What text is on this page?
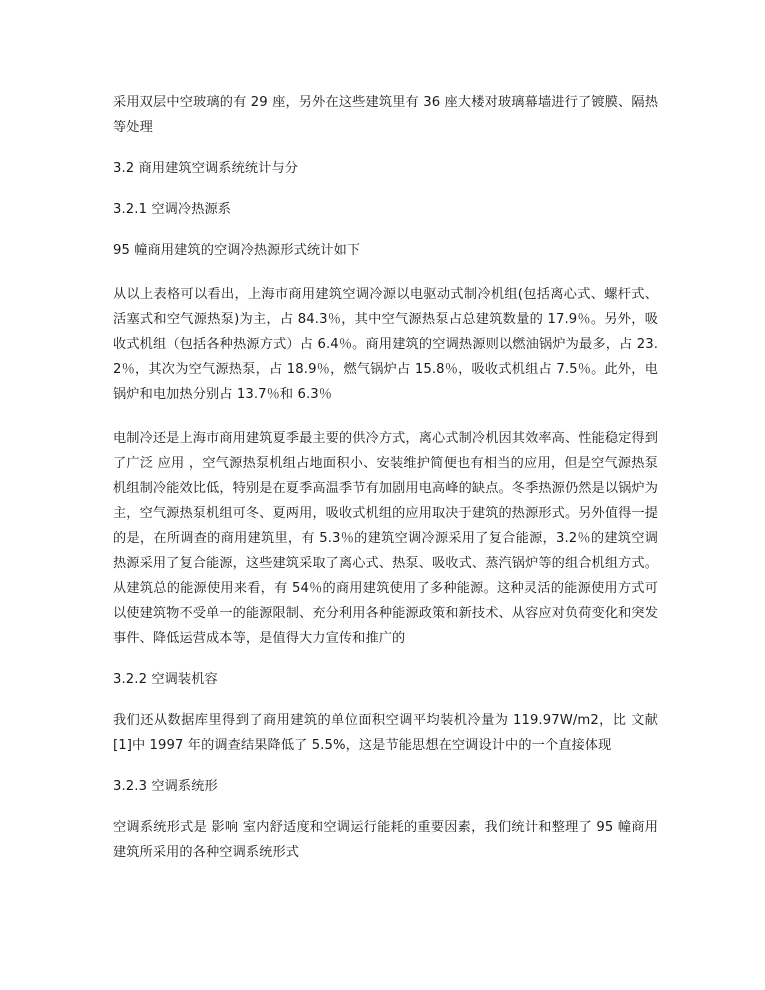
采用双层中空玻璃的有 29 座，另外在这些建筑里有 36 座大楼对玻璃幕墙进行了镀膜、隔热等处理

3.2 商用建筑空调系统统计与分

3.2.1 空调冷热源系

95 幢商用建筑的空调冷热源形式统计如下

从以上表格可以看出，上海市商用建筑空调冷源以电驱动式制冷机组(包括离心式、螺杆式、活塞式和空气源热泵)为主，占 84.3％，其中空气源热泵占总建筑数量的 17.9％。另外，吸收式机组（包括各种热源方式）占 6.4％。商用建筑的空调热源则以燃油锅炉为最多，占 23.2％，其次为空气源热泵，占 18.9％，燃气锅炉占 15.8％，吸收式机组占 7.5％。此外，电锅炉和电加热分别占 13.7％和 6.3％

电制冷还是上海市商用建筑夏季最主要的供冷方式，离心式制冷机因其效率高、性能稳定得到了广泛 应用 ，空气源热泵机组占地面积小、安装维护简便也有相当的应用，但是空气源热泵机组制冷能效比低，特别是在夏季高温季节有加剧用电高峰的缺点。冬季热源仍然是以锅炉为主，空气源热泵机组可冬、夏两用，吸收式机组的应用取决于建筑的热源形式。另外值得一提的是，在所调查的商用建筑里，有 5.3％的建筑空调冷源采用了复合能源，3.2％的建筑空调热源采用了复合能源，这些建筑采取了离心式、热泵、吸收式、蒸汽锅炉等的组合机组方式。从建筑总的能源使用来看，有 54％的商用建筑使用了多种能源。这种灵活的能源使用方式可以使建筑物不受单一的能源限制、充分利用各种能源政策和新技术、从容应对负荷变化和突发事件、降低运营成本等，是值得大力宣传和推广的

3.2.2 空调装机容

我们还从数据库里得到了商用建筑的单位面积空调平均装机冷量为 119.97W/m2，比 文献 [1]中 1997 年的调查结果降低了 5.5%，这是节能思想在空调设计中的一个直接体现

3.2.3 空调系统形

空调系统形式是 影响 室内舒适度和空调运行能耗的重要因素，我们统计和整理了 95 幢商用建筑所采用的各种空调系统形式
